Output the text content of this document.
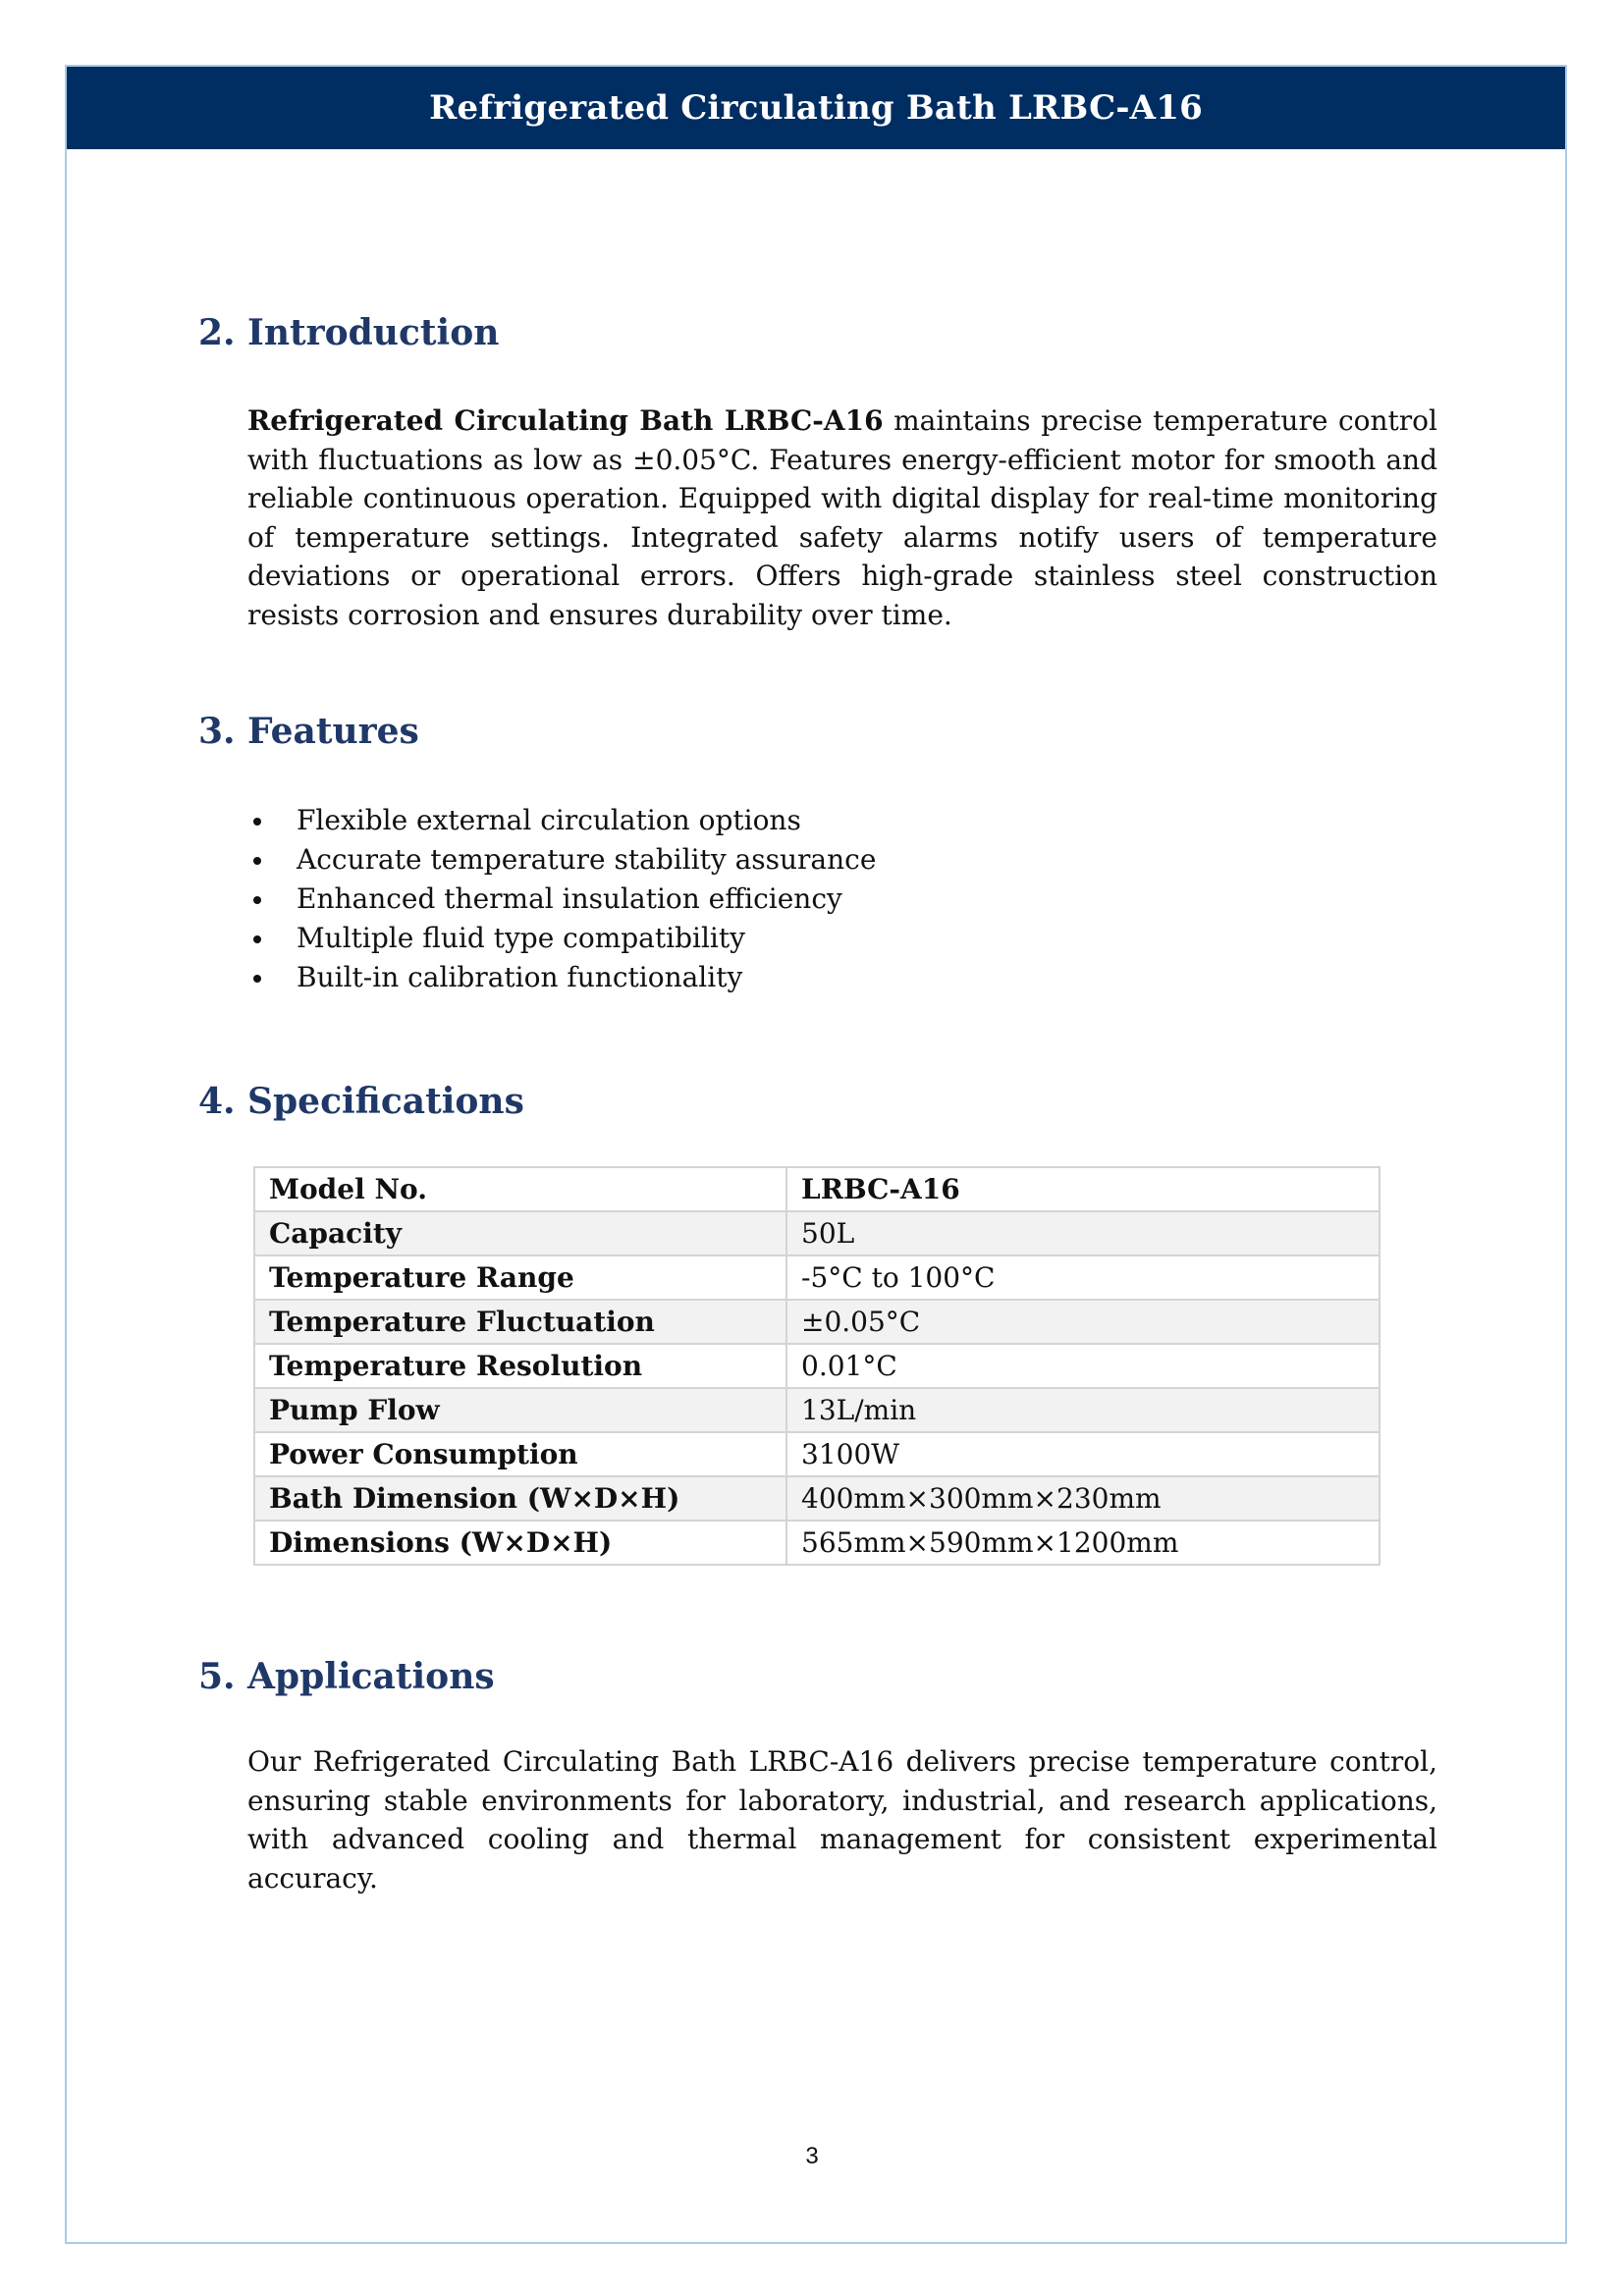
Refrigerated Circulating Bath LRBC-A16
2. Introduction

Refrigerated Circulating Bath LRBC-A16 maintains precise temperature control with fluctuations as low as ±0.05°C. Features energy-efficient motor for smooth and reliable continuous operation. Equipped with digital display for real-time monitoring of temperature settings. Integrated safety alarms notify users of temperature deviations or operational errors. Offers high-grade stainless steel construction resists corrosion and ensures durability over time.

3. Features
Flexible external circulation options
Accurate temperature stability assurance
Enhanced thermal insulation efficiency
Multiple fluid type compatibility
Built-in calibration functionality
4. Specifications
Model No.	LRBC-A16
Capacity	50L
Temperature Range	-5°C to 100°C
Temperature Fluctuation	±0.05°C
Temperature Resolution	0.01°C
Pump Flow	13L/min
Power Consumption	3100W
Bath Dimension (W×D×H)	400mm×300mm×230mm
Dimensions (W×D×H)	565mm×590mm×1200mm
5. Applications

Our Refrigerated Circulating Bath LRBC-A16 delivers precise temperature control, ensuring stable environments for laboratory, industrial, and research applications, with advanced cooling and thermal management for consistent experimental accuracy.

3
